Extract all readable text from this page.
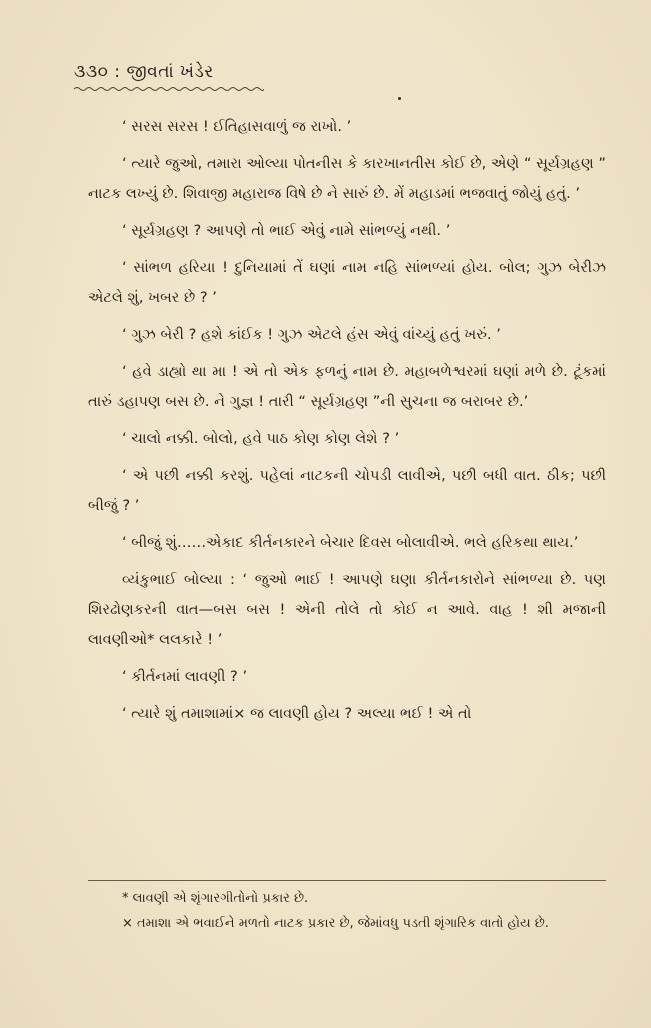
૩૩૦ : જીવતાં ખંડેર

‘ સરસ સરસ ! ઈતિહાસવાળું જ રાખો. ’

‘ ત્યારે જુઓ, તમારા ઓલ્યા પોતનીસ કે કારખાનતીસ કોઈ છે, એણે “ સૂર્યગ્રહણ ” નાટક લખ્યું છે. શિવાજી મહારાજ વિષે છે ને સારું છે. મેં મહાડમાં ભજવાતું જોયું હતું. ’

‘ સૂર્યગ્રહણ ? આપણે તો ભાઈ એવું નામે સાંભળ્યું નથી. ’

‘ સાંભળ હરિયા ! દુનિયામાં તેં ઘણાં નામ નહિ સાંભળ્યાં હોય. બોલ; ગુઝ બેરીઝ એટલે શું, ખબર છે ? ’

‘ ગુઝ બેરી ? હશે કાંઈક ! ગુઝ એટલે હંસ એવું વાંચ્યું હતું ખરું. ’

‘ હવે ડાહ્યો થા મા ! એ તો એક ફળનું નામ છે. મહાબળેશ્વરમાં ઘણાં મળે છે. ટૂંકમાં તારું ડહાપણ બસ છે. ને ગુજ્ઞ ! તારી “ સૂર્યગ્રહણ ”ની સુચના જ બરાબર છે.’

‘ ચાલો નક્કી. બોલો, હવે પાઠ કોણ કોણ લેશે ? ’

‘ એ પછી નક્કી કરશું. પહેલાં નાટકની ચોપડી લાવીએ, પછી બધી વાત. ઠીક; પછી બીજું ? ’

‘ બીજું શું……એકાદ કીર્તનકારને બેચાર દિવસ બોલાવીએ. ભલે હરિકથા થાય.’

વ્યંકુભાઈ બોલ્યા : ‘ જુઓ ભાઈ ! આપણે ઘણા કીર્તનકારોને સાંભળ્યા છે. પણ શિરઢોણકરની વાત—બસ બસ ! એની તોલે તો કોઈ ન આવે. વાહ ! શી મજાની લાવણીઓ* લલકારે ! ’

‘ કીર્તનમાં લાવણી ? ’

‘ ત્યારે શું તમાશામાં× જ લાવણી હોય ? અલ્યા ભઈ ! એ તો

* લાવણી એ શૃંગારગીતોનો પ્રકાર છે.

× તમાશા એ ભવાઈને મળતો નાટક પ્રકાર છે, જેમાંવધુ પડતી શૃંગારિક વાતો હોય છે.
